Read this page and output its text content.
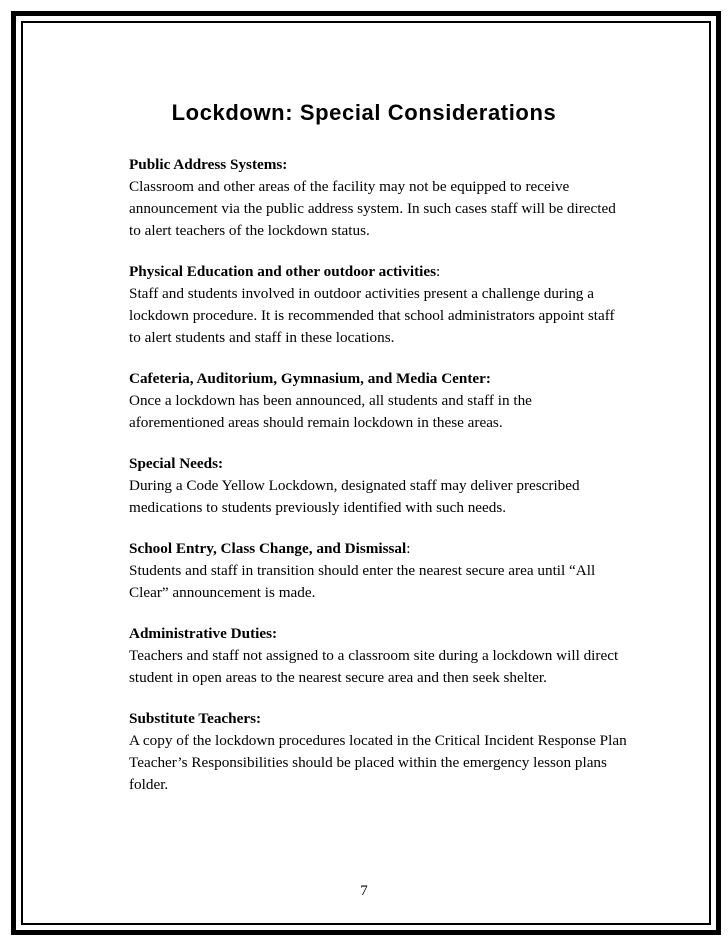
Lockdown: Special Considerations

Public Address Systems:

Classroom and other areas of the facility may not be equipped to receive announcement via the public address system. In such cases staff will be directed to alert teachers of the lockdown status.

Physical Education and other outdoor activities:

Staff and students involved in outdoor activities present a challenge during a lockdown procedure. It is recommended that school administrators appoint staff to alert students and staff in these locations.

Cafeteria, Auditorium, Gymnasium, and Media Center:

Once a lockdown has been announced, all students and staff in the aforementioned areas should remain lockdown in these areas.

Special Needs:

During a Code Yellow Lockdown, designated staff may deliver prescribed medications to students previously identified with such needs.

School Entry, Class Change, and Dismissal:

Students and staff in transition should enter the nearest secure area until “All Clear” announcement is made.

Administrative Duties:

Teachers and staff not assigned to a classroom site during a lockdown will direct student in open areas to the nearest secure area and then seek shelter.

Substitute Teachers:

A copy of the lockdown procedures located in the Critical Incident Response Plan Teacher’s Responsibilities should be placed within the emergency lesson plans folder.

7
